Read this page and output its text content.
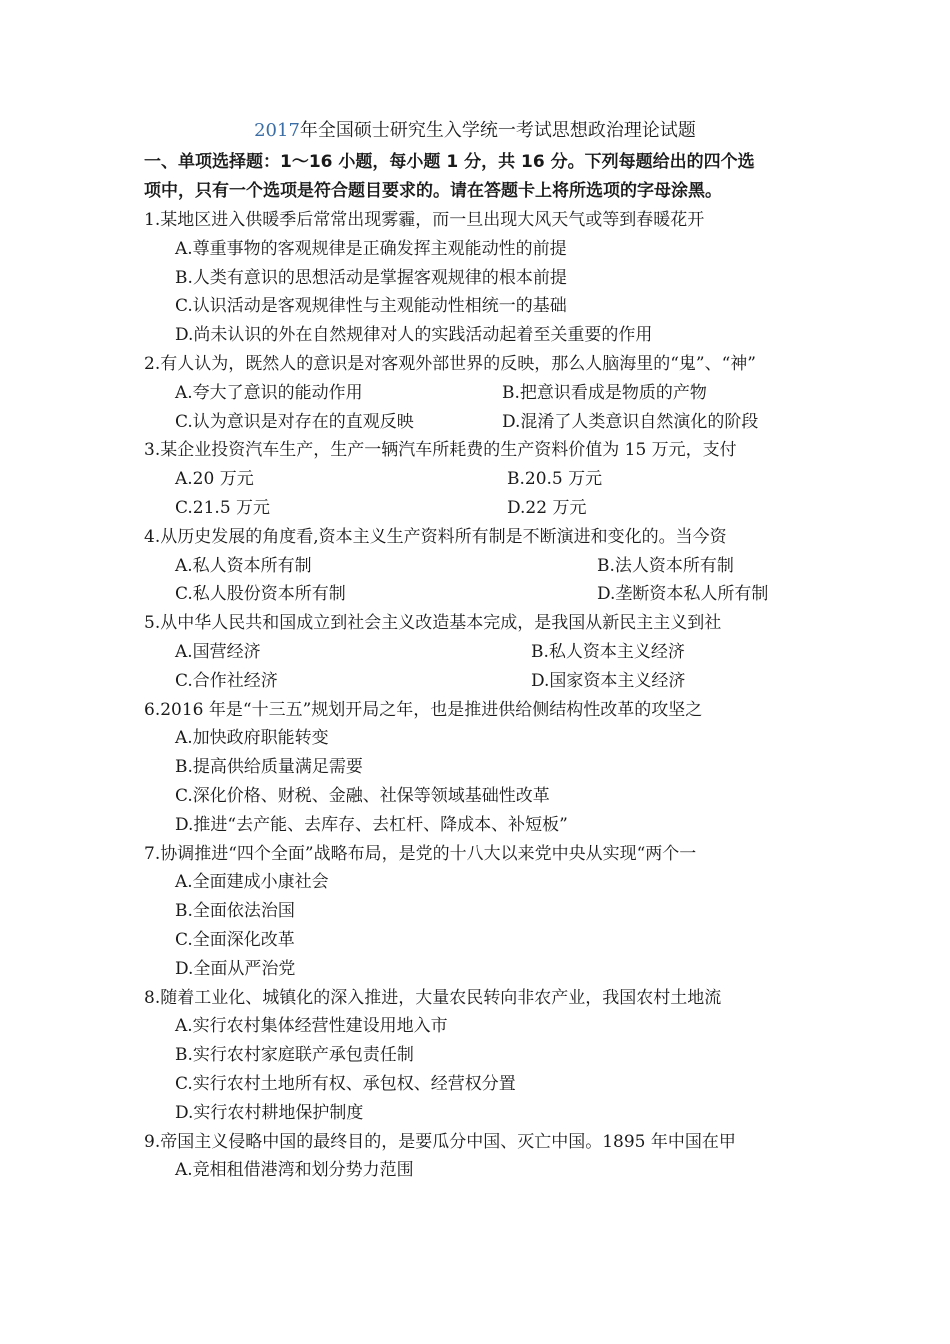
2017年全国硕士研究生入学统一考试思想政治理论试题
一、单项选择题：1～16 小题，每小题 1 分，共 16 分。下列每题给出的四个选
项中，只有一个选项是符合题目要求的。请在答题卡上将所选项的字母涂黑。
1.某地区进入供暖季后常常出现雾霾，而一旦出现大风天气或等到春暖花开
A.尊重事物的客观规律是正确发挥主观能动性的前提
B.人类有意识的思想活动是掌握客观规律的根本前提
C.认识活动是客观规律性与主观能动性相统一的基础
D.尚未认识的外在自然规律对人的实践活动起着至关重要的作用
2.有人认为，既然人的意识是对客观外部世界的反映，那么人脑海里的“鬼”、“神”
A.夸大了意识的能动作用	B.把意识看成是物质的产物
C.认为意识是对存在的直观反映	D.混淆了人类意识自然演化的阶段
3.某企业投资汽车生产，生产一辆汽车所耗费的生产资料价值为 15 万元，支付
A.20 万元	B.20.5 万元
C.21.5 万元	D.22 万元
4.从历史发展的角度看,资本主义生产资料所有制是不断演进和变化的。当今资
A.私人资本所有制	B.法人资本所有制
C.私人股份资本所有制	D.垄断资本私人所有制
5.从中华人民共和国成立到社会主义改造基本完成，是我国从新民主主义到社
A.国营经济	B.私人资本主义经济
C.合作社经济	D.国家资本主义经济
6.2016 年是“十三五”规划开局之年，也是推进供给侧结构性改革的攻坚之
A.加快政府职能转变
B.提高供给质量满足需要
C.深化价格、财税、金融、社保等领域基础性改革
D.推进“去产能、去库存、去杠杆、降成本、补短板”
7.协调推进“四个全面”战略布局，是党的十八大以来党中央从实现“两个一
A.全面建成小康社会
B.全面依法治国
C.全面深化改革
D.全面从严治党
8.随着工业化、城镇化的深入推进，大量农民转向非农产业，我国农村土地流
A.实行农村集体经营性建设用地入市
B.实行农村家庭联产承包责任制
C.实行农村土地所有权、承包权、经营权分置
D.实行农村耕地保护制度
9.帝国主义侵略中国的最终目的，是要瓜分中国、灭亡中国。1895 年中国在甲
A.竞相租借港湾和划分势力范围
